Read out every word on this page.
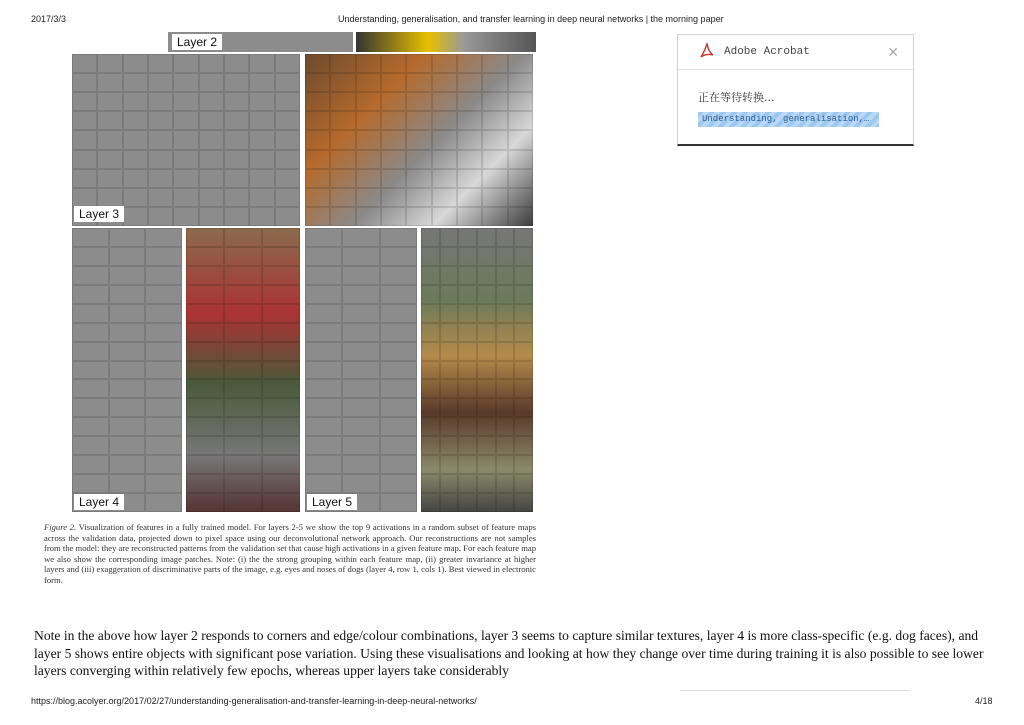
2017/3/3	Understanding, generalisation, and transfer learning in deep neural networks | the morning paper
Layer 2
Layer 3
Layer 4	Layer 5
Figure 2. Visualization of features in a fully trained model. For layers 2-5 we show the top 9 activations in a random subset of feature maps across the validation data, projected down to pixel space using our deconvolutional network approach. Our reconstructions are not samples from the model: they are reconstructed patterns from the validation set that cause high activations in a given feature map. For each feature map we also show the corresponding image patches. Note: (i) the the strong grouping within each feature map, (ii) greater invariance at higher layers and (iii) exaggeration of discriminative parts of the image, e.g. eyes and noses of dogs (layer 4, row 1, cols 1). Best viewed in electronic form.
Note in the above how layer 2 responds to corners and edge/colour combinations, layer 3 seems to capture similar textures, layer 4 is more class-specific (e.g. dog faces), and layer 5 shows entire objects with significant pose variation. Using these visualisations and looking at how they change over time during training it is also possible to see lower layers converging within relatively few epochs, whereas upper layers take considerably
Adobe Acrobat	✕
正在等待转换...
Understanding, generalisation,…
https://blog.acolyer.org/2017/02/27/understanding-generalisation-and-transfer-learning-in-deep-neural-networks/	4/18
